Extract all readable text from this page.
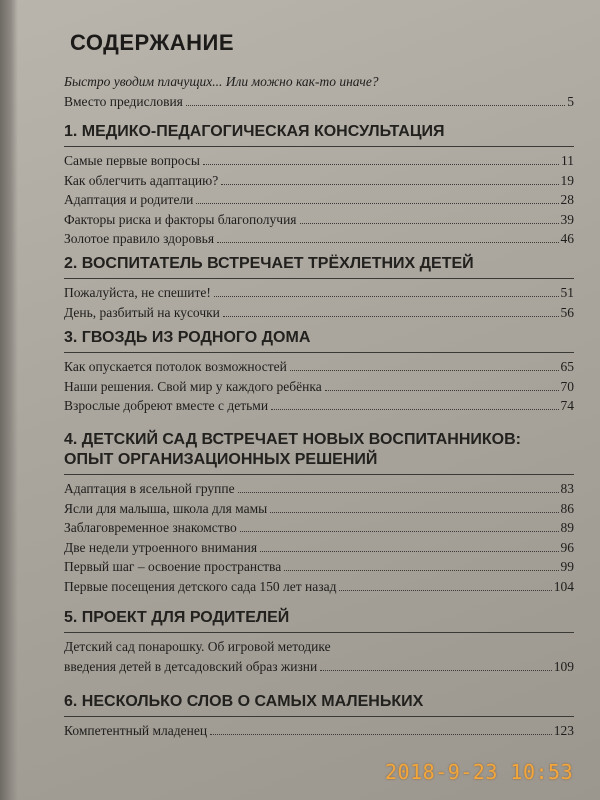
СОДЕРЖАНИЕ
Быстро уводим плачущих... Или можно как-то иначе?
Вместо предисловия	5
1. МЕДИКО-ПЕДАГОГИЧЕСКАЯ КОНСУЛЬТАЦИЯ
Самые первые вопросы	11
Как облегчить адаптацию?	19
Адаптация и родители	28
Факторы риска и факторы благополучия	39
Золотое правило здоровья	46
2. ВОСПИТАТЕЛЬ ВСТРЕЧАЕТ ТРЁХЛЕТНИХ ДЕТЕЙ
Пожалуйста, не спешите!	51
День, разбитый на кусочки	56
3. ГВОЗДЬ ИЗ РОДНОГО ДОМА
Как опускается потолок возможностей	65
Наши решения. Свой мир у каждого ребёнка	70
Взрослые добреют вместе с детьми	74
4. ДЕТСКИЙ САД ВСТРЕЧАЕТ НОВЫХ ВОСПИТАННИКОВ:
ОПЫТ ОРГАНИЗАЦИОННЫХ РЕШЕНИЙ
Адаптация в ясельной группе	83
Ясли для малыша, школа для мамы	86
Заблаговременное знакомство	89
Две недели утроенного внимания	96
Первый шаг – освоение пространства	99
Первые посещения детского сада 150 лет назад	104
5. ПРОЕКТ ДЛЯ РОДИТЕЛЕЙ
Детский сад понарошку. Об игровой методике
введения детей в детсадовский образ жизни	109
6. НЕСКОЛЬКО СЛОВ О САМЫХ МАЛЕНЬКИХ
Компетентный младенец	123
2018-9-23 10:53
